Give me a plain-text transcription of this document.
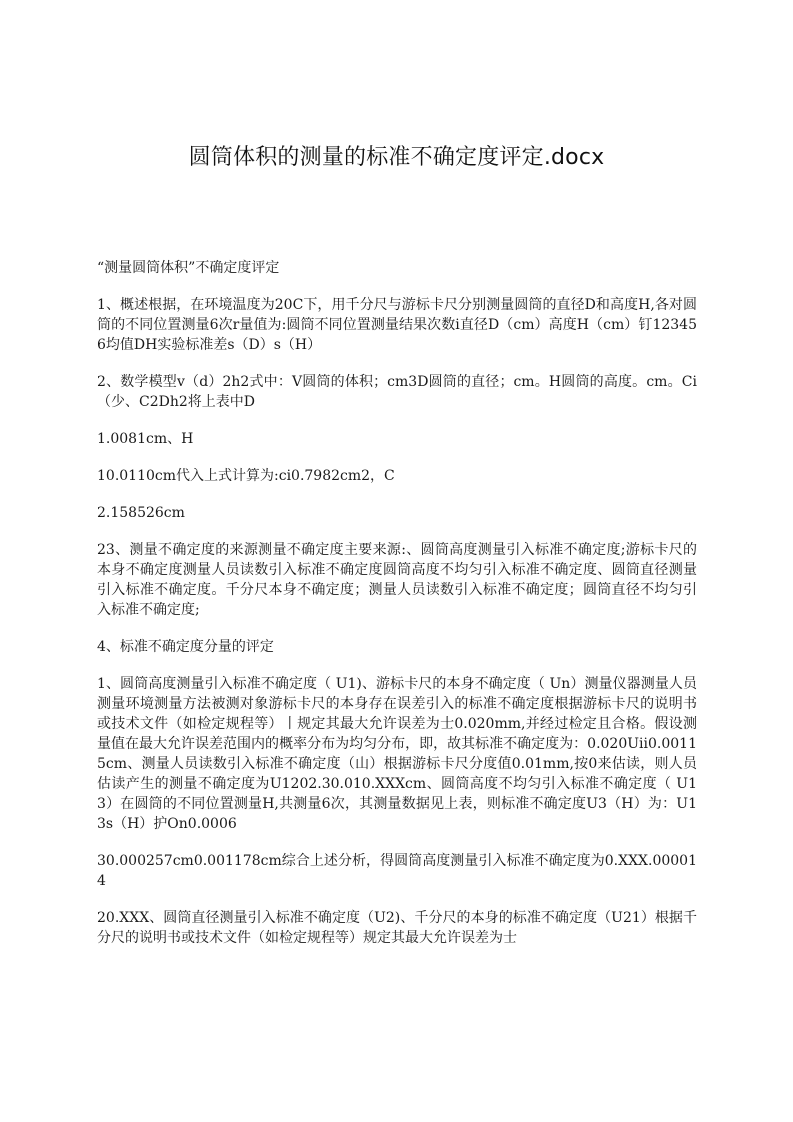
圆筒体积的测量的标准不确定度评定.docx

“测量圆筒体积”不确定度评定

1、概述根据，在环境温度为20C下，用千分尺与游标卡尺分别测量圆筒的直径D和高度H,各对圆筒的不同位置测量6次r量值为:圆筒不同位置测量结果次数i直径D（cm）高度H（cm）钉123456均值DH实验标准差s（D）s（H）

2、数学模型v（d）2h2式中：V圆筒的体积；cm3D圆筒的直径；cm。H圆筒的高度。cm。Ci（少、C2Dh2将上表中D

1.0081cm、H

10.0110cm代入上式计算为:ci0.7982cm2，C

2.158526cm

23、测量不确定度的来源测量不确定度主要来源:、圆筒高度测量引入标准不确定度;游标卡尺的本身不确定度测量人员读数引入标准不确定度圆筒高度不均匀引入标准不确定度、圆筒直径测量引入标准不确定度。千分尺本身不确定度；测量人员读数引入标准不确定度；圆筒直径不均匀引入标准不确定度;

4、标准不确定度分量的评定

1、圆筒高度测量引入标准不确定度（ U1)、游标卡尺的本身不确定度（ Un）测量仪器测量人员测量环境测量方法被测对象游标卡尺的本身存在误差引入的标准不确定度根据游标卡尺的说明书或技术文件（如检定规程等）丨规定其最大允许误差为士0.020mm,并经过检定且合格。假设测量值在最大允许误差范围内的概率分布为均匀分布，即，故其标准不确定度为：0.020Uii0.00115cm、测量人员读数引入标准不确定度（山）根据游标卡尺分度值0.01mm,按0来估读，则人员估读产生的测量不确定度为U1202.30.010.XXXcm、圆筒高度不均匀引入标准不确定度（ U13）在圆筒的不同位置测量H,共测量6次，其测量数据见上表，则标准不确定度U3（H）为：U13s（H）护On0.0006

30.000257cm0.001178cm综合上述分析，得圆筒高度测量引入标准不确定度为0.XXX.000014

20.XXX、圆筒直径测量引入标准不确定度（U2)、千分尺的本身的标准不确定度（U21）根据千分尺的说明书或技术文件（如检定规程等）规定其最大允许误差为士
